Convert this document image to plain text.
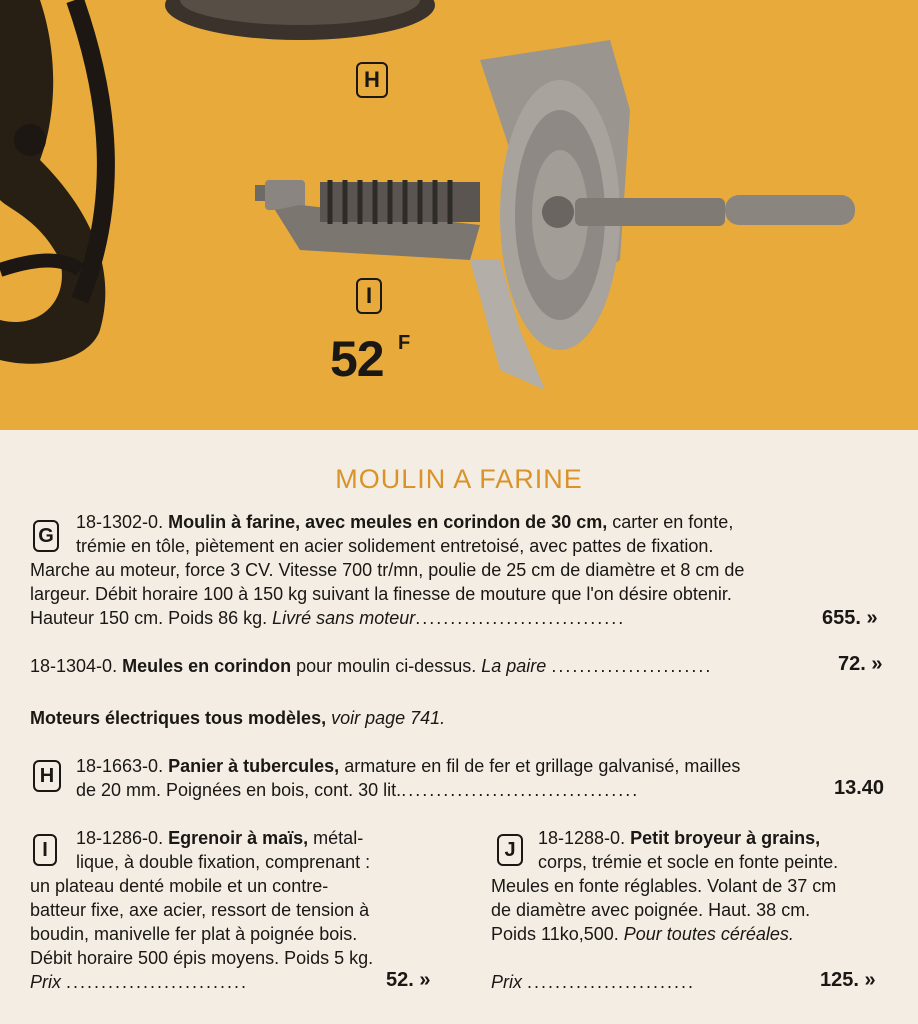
H
I
52 F
MOULIN A FARINE
G
18-1302-0. Moulin à farine, avec meules en corindon de 30 cm, carter en fonte,
trémie en tôle, piètement en acier solidement entretoisé, avec pattes de fixation.
Marche au moteur, force 3 CV. Vitesse 700 tr/mn, poulie de 25 cm de diamètre et 8 cm de
largeur. Débit horaire 100 à 150 kg suivant la finesse de mouture que l'on désire obtenir.
Hauteur 150 cm. Poids 86 kg. Livré sans moteur..............................	655. »
18-1304-0. Meules en corindon pour moulin ci-dessus. La paire .......................	72. »
Moteurs électriques tous modèles, voir page 741.
H	18-1663-0. Panier à tubercules, armature en fil de fer et grillage galvanisé, mailles
de 20 mm. Poignées en bois, cont. 30 lit...................................	13.40
I
18-1286-0. Egrenoir à maïs, métal-
lique, à double fixation, comprenant :
un plateau denté mobile et un contre-
batteur fixe, axe acier, ressort de tension à
boudin, manivelle fer plat à poignée bois.
Débit horaire 500 épis moyens. Poids 5 kg.
Prix ..........................	52. »
J
18-1288-0. Petit broyeur à grains,
corps, trémie et socle en fonte peinte.
Meules en fonte réglables. Volant de 37 cm
de diamètre avec poignée. Haut. 38 cm.
Poids 11ko,500. Pour toutes céréales.
Prix ........................	125. »
